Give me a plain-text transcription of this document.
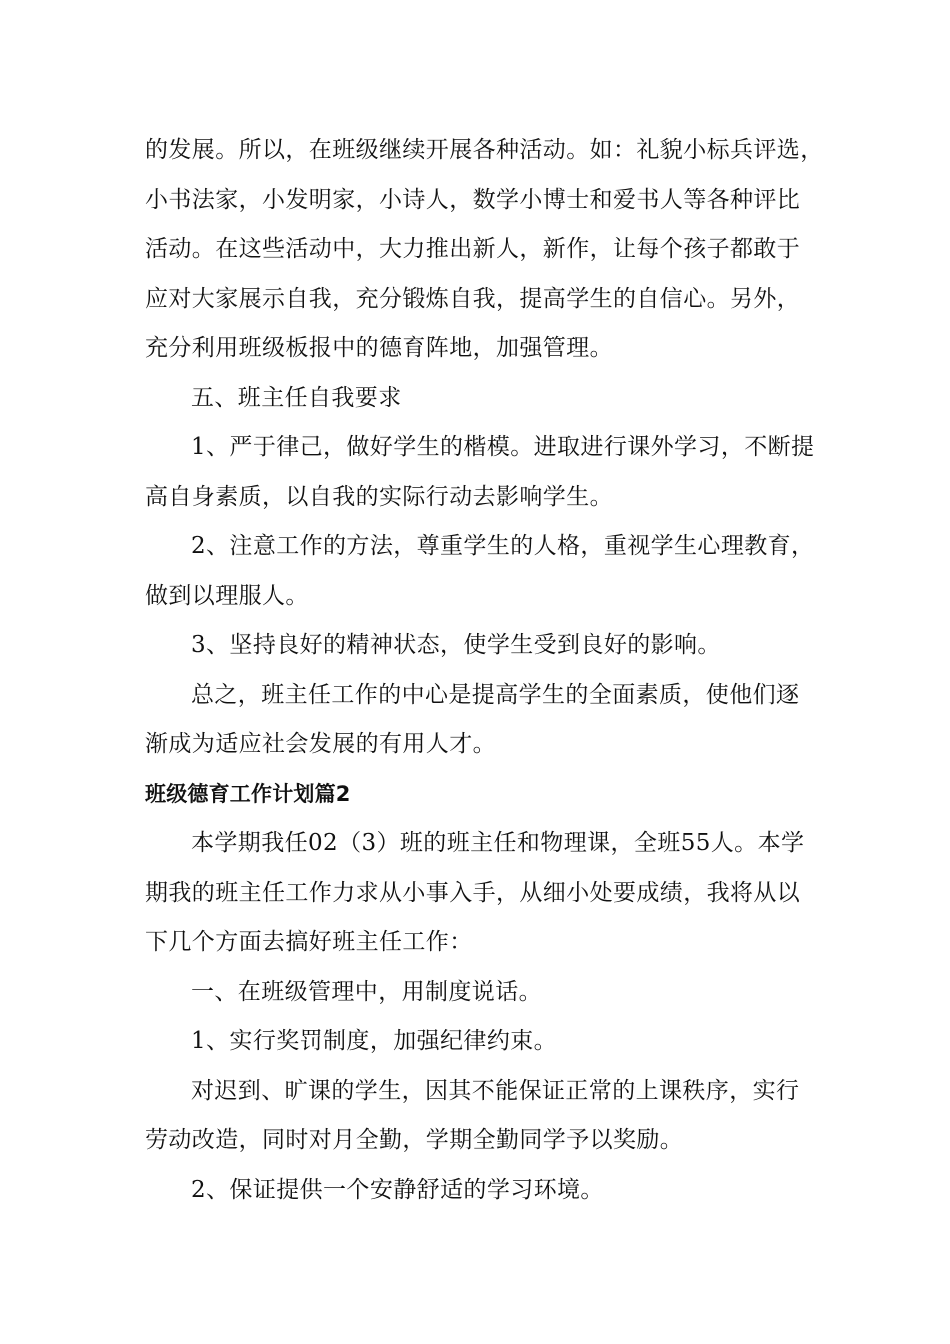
的发展。所以，在班级继续开展各种活动。如：礼貌小标兵评选，
小书法家，小发明家，小诗人，数学小博士和爱书人等各种评比
活动。在这些活动中，大力推出新人，新作，让每个孩子都敢于
应对大家展示自我，充分锻炼自我，提高学生的自信心。另外，
充分利用班级板报中的德育阵地，加强管理。
五、班主任自我要求
1、严于律己，做好学生的楷模。进取进行课外学习，不断提
高自身素质，以自我的实际行动去影响学生。
2、注意工作的方法，尊重学生的人格，重视学生心理教育，
做到以理服人。
3、坚持良好的精神状态，使学生受到良好的影响。
总之，班主任工作的中心是提高学生的全面素质，使他们逐
渐成为适应社会发展的有用人才。
班级德育工作计划篇2
本学期我任02（3）班的班主任和物理课，全班55人。本学
期我的班主任工作力求从小事入手，从细小处要成绩，我将从以
下几个方面去搞好班主任工作：
一、在班级管理中，用制度说话。
1、实行奖罚制度，加强纪律约束。
对迟到、旷课的学生，因其不能保证正常的上课秩序，实行
劳动改造，同时对月全勤，学期全勤同学予以奖励。
2、保证提供一个安静舒适的学习环境。
